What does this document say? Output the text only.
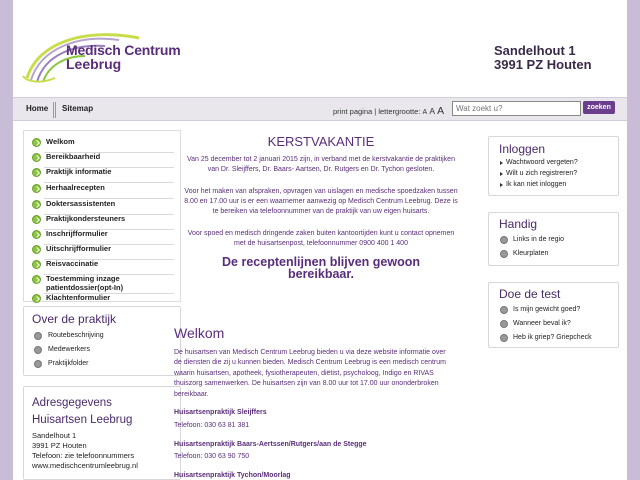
Medisch Centrum
Leebrug
Sandelhout 1
3991 PZ Houten
Home Sitemap	print pagina | lettergrootte: A A A
Wat zoekt u?	zoeken
Welkom
Bereikbaarheid
Praktijk informatie
Herhaalrecepten
Doktersassistenten
Praktijkondersteuners
Inschrijfformulier
Uitschrijfformulier
Reisvaccinatie
Toestemming inzage patientdossier(opt-In)
Klachtenformulier
Over de praktijk
Routebeschrijving
Medewerkers
Praktijkfolder
Adresgegevens
Huisartsen Leebrug
Sandelhout 1
3991 PZ Houten
Telefoon: zie telefoonnummers
www.medischcentrumleebrug.nl
KERSTVAKANTIE
Van 25 december tot 2 januari 2015 zijn, in verband met de kerstvakantie de praktijken
van Dr. Sleijffers, Dr. Baars- Aartsen, Dr. Rutgers en Dr. Tychon gesloten.
Voor het maken van afspraken, opvragen van uislagen en medische spoedzaken tussen
8.00 en 17.00 uur is er een waarnemer aanwezig op Medisch Centrum Leebrug. Deze is
te bereiken via telefoonnummer van de praktijk van uw eigen huisarts.
Voor spoed en medisch dringende zaken buiten kantoortijden kunt u contact opnemen
met de huisartsenpost, telefoonnummer 0900 400 1 400
De receptenlijnen blijven gewoon
bereikbaar.
Welkom
De huisartsen van Medisch Centrum Leebrug bieden u via deze website informatie over
de diensten die zij u kunnen bieden. Medisch Centrum Leebrug is een medisch centrum
waarin huisartsen, apotheek, fysiotherapeuten, diëtist, psycholoog, Indigo en RIVAS
thuiszorg samenwerken. De huisartsen zijn van 8.00 uur tot 17.00 uur ononderbroken
bereikbaar.
Huisartsenpraktijk Sleijffers
Telefoon: 030 63 81 381
Huisartsenpraktijk Baars-Aertssen/Rutgers/aan de Stegge
Telefoon: 030 63 90 750
Huisartsenpraktijk Tychon/Moorlag
Inloggen
Wachtwoord vergeten?
Wilt u zich registreren?
Ik kan niet inloggen
Handig
Links in de regio
Kleurplaten
Doe de test
Is mijn gewicht goed?
Wanneer beval ik?
Heb ik griep? Griepcheck
